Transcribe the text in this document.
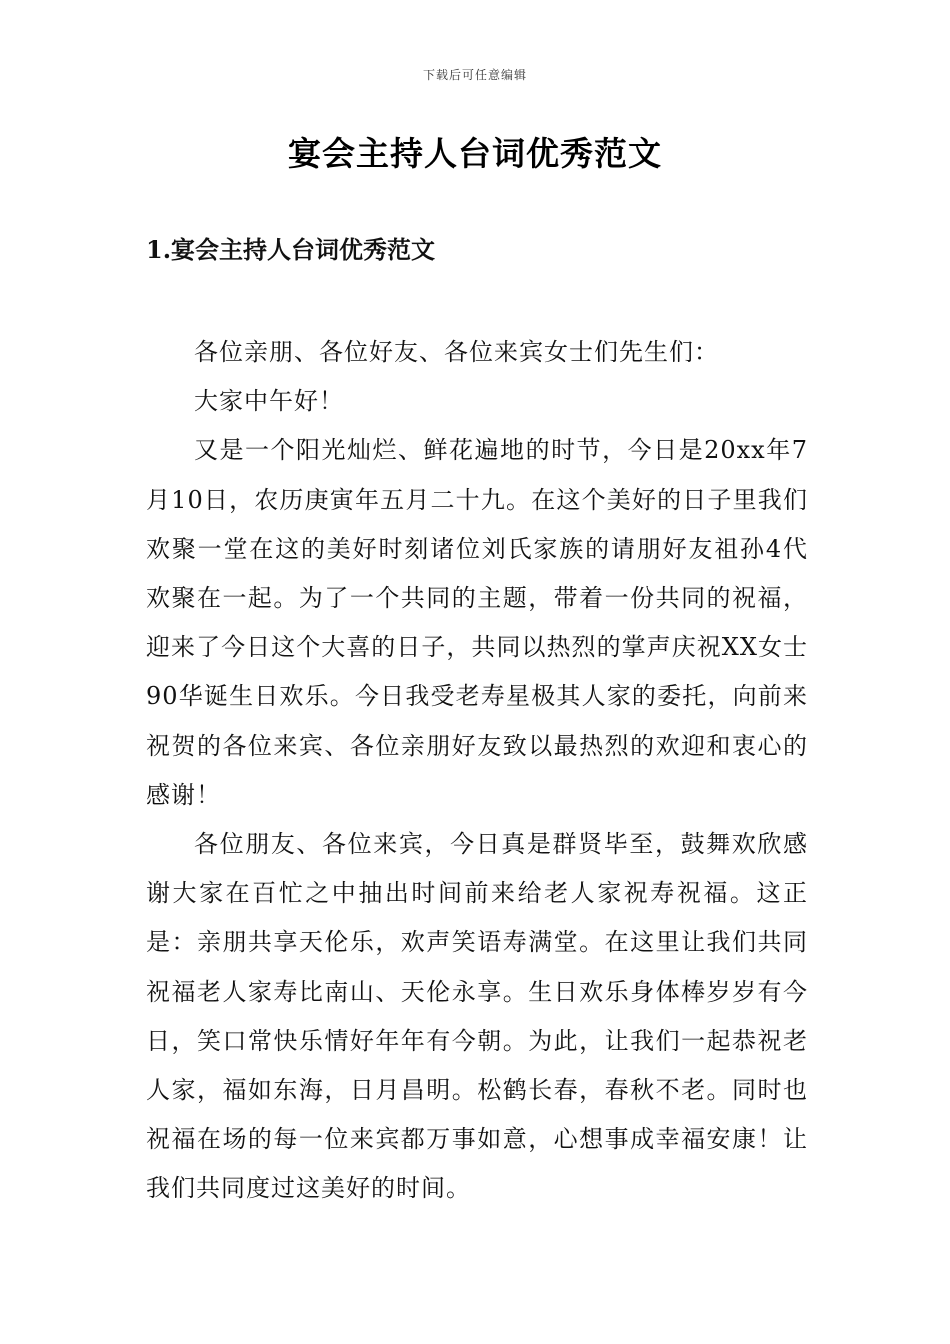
下载后可任意编辑
宴会主持人台词优秀范文
1.宴会主持人台词优秀范文

各位亲朋、各位好友、各位来宾女士们先生们：

大家中午好！

又是一个阳光灿烂、鲜花遍地的时节，今日是20xx年7月10日，农历庚寅年五月二十九。在这个美好的日子里我们欢聚一堂在这的美好时刻诸位刘氏家族的请朋好友祖孙4代欢聚在一起。为了一个共同的主题，带着一份共同的祝福，迎来了今日这个大喜的日子，共同以热烈的掌声庆祝XX女士90华诞生日欢乐。今日我受老寿星极其人家的委托，向前来祝贺的各位来宾、各位亲朋好友致以最热烈的欢迎和衷心的感谢！

各位朋友、各位来宾，今日真是群贤毕至，鼓舞欢欣感谢大家在百忙之中抽出时间前来给老人家祝寿祝福。这正是：亲朋共享天伦乐，欢声笑语寿满堂。在这里让我们共同祝福老人家寿比南山、天伦永享。生日欢乐身体棒岁岁有今日，笑口常快乐情好年年有今朝。为此，让我们一起恭祝老人家，福如东海，日月昌明。松鹤长春，春秋不老。同时也祝福在场的每一位来宾都万事如意，心想事成幸福安康！让我们共同度过这美好的时间。
